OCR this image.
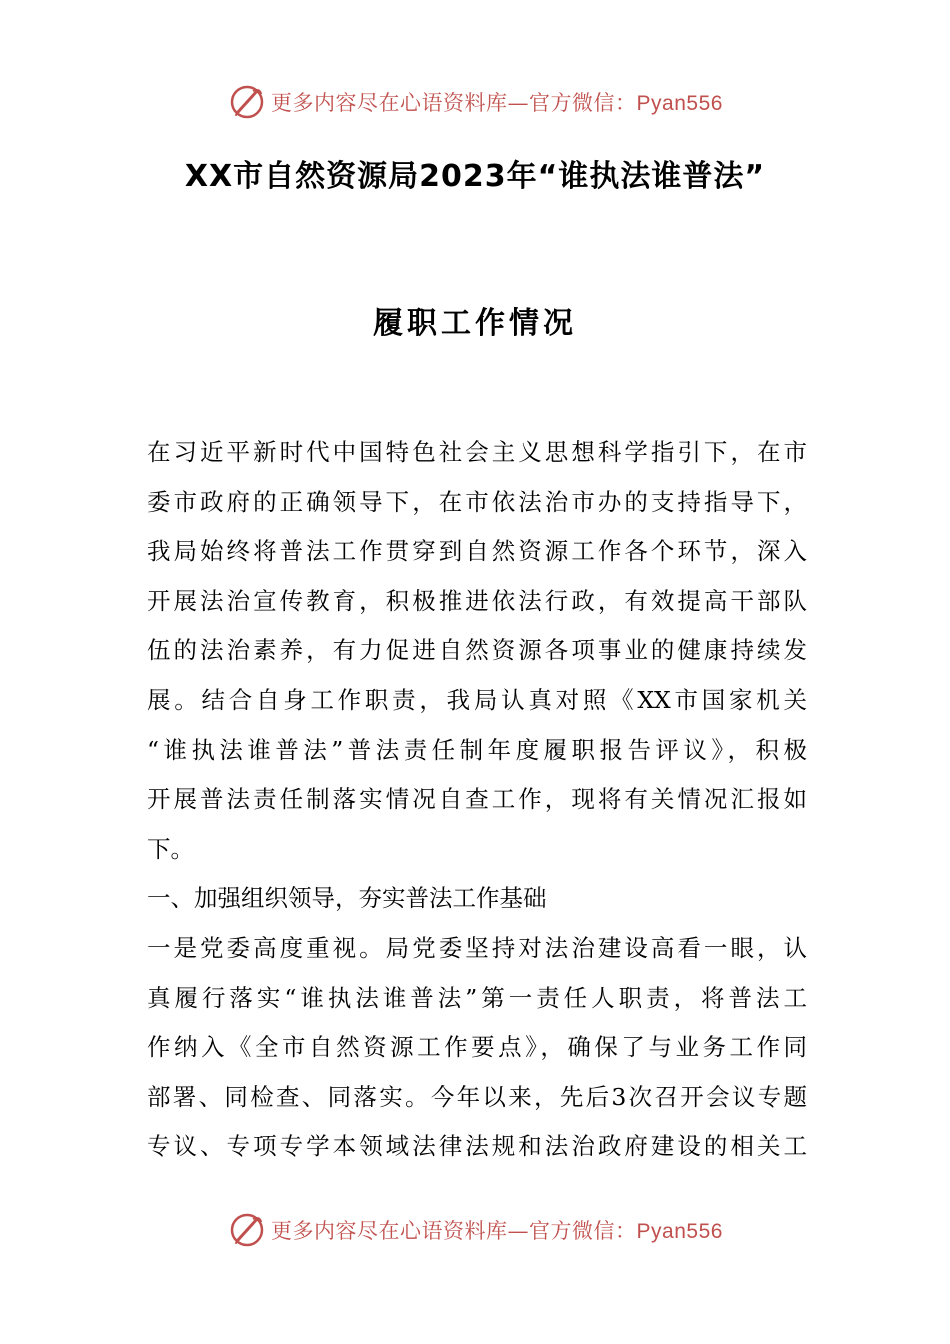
更多内容尽在心语资料库—官方微信：Pyan556
XX市自然资源局2023年“谁执法谁普法”
履职工作情况
在习近平新时代中国特色社会主义思想科学指引下，在市
委市政府的正确领导下，在市依法治市办的支持指导下，
我局始终将普法工作贯穿到自然资源工作各个环节，深入
开展法治宣传教育，积极推进依法行政，有效提高干部队
伍的法治素养，有力促进自然资源各项事业的健康持续发
展。结合自身工作职责，我局认真对照《XX市国家机关
“谁执法谁普法”普法责任制年度履职报告评议》，积极
开展普法责任制落实情况自查工作，现将有关情况汇报如
下。
一、加强组织领导，夯实普法工作基础
一是党委高度重视。局党委坚持对法治建设高看一眼，认
真履行落实“谁执法谁普法”第一责任人职责，将普法工
作纳入《全市自然资源工作要点》，确保了与业务工作同
部署、同检查、同落实。今年以来，先后3次召开会议专题
专议、专项专学本领域法律法规和法治政府建设的相关工
更多内容尽在心语资料库—官方微信：Pyan556
